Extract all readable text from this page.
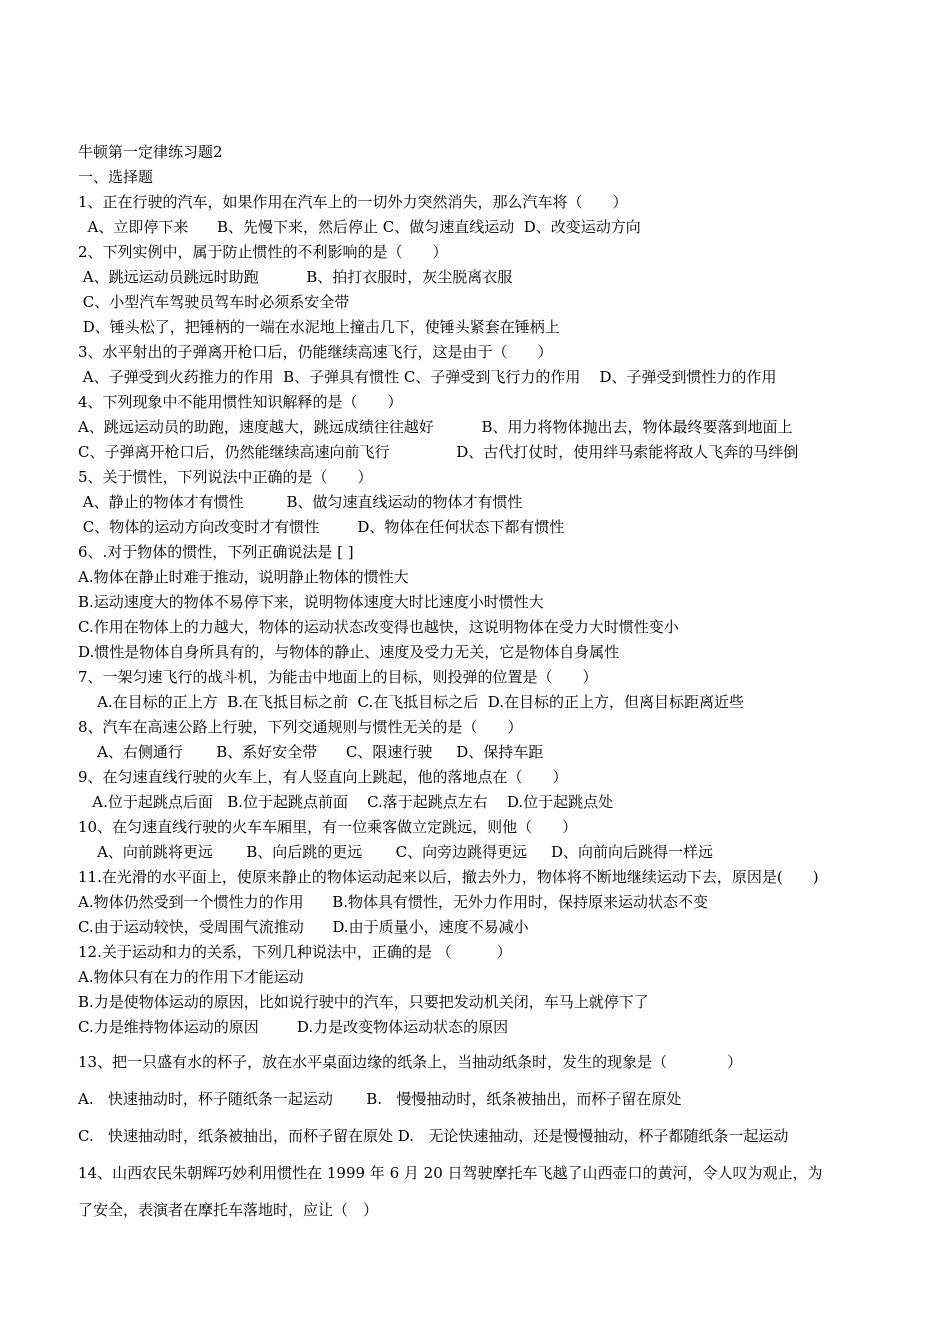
牛顿第一定律练习题2
一、选择题
1、正在行驶的汽车，如果作用在汽车上的一切外力突然消失，那么汽车将（　　）
A、立即停下来      B、先慢下来，然后停止 C、做匀速直线运动  D、改变运动方向
2、下列实例中，属于防止惯性的不利影响的是（　　）
A、跳远运动员跳远时助跑          B、拍打衣服时，灰尘脱离衣服
C、小型汽车驾驶员驾车时必须系安全带
D、锤头松了，把锤柄的一端在水泥地上撞击几下，使锤头紧套在锤柄上
3、水平射出的子弹离开枪口后，仍能继续高速飞行，这是由于（　　）
A、子弹受到火药推力的作用  B、子弹具有惯性 C、子弹受到飞行力的作用    D、子弹受到惯性力的作用
4、下列现象中不能用惯性知识解释的是（　　）
A、跳远运动员的助跑，速度越大，跳远成绩往往越好          B、用力将物体抛出去，物体最终要落到地面上
C、子弹离开枪口后，仍然能继续高速向前飞行              D、古代打仗时，使用绊马索能将敌人飞奔的马绊倒
5、关于惯性，下列说法中正确的是（　　）
A、静止的物体才有惯性         B、做匀速直线运动的物体才有惯性
C、物体的运动方向改变时才有惯性        D、物体在任何状态下都有惯性
6、.对于物体的惯性，下列正确说法是 [ ]
A.物体在静止时难于推动，说明静止物体的惯性大
B.运动速度大的物体不易停下来，说明物体速度大时比速度小时惯性大
C.作用在物体上的力越大，物体的运动状态改变得也越快，这说明物体在受力大时惯性变小
D.惯性是物体自身所具有的，与物体的静止、速度及受力无关，它是物体自身属性
7、一架匀速飞行的战斗机，为能击中地面上的目标，则投弹的位置是（　　）
A.在目标的正上方  B.在飞抵目标之前  C.在飞抵目标之后  D.在目标的正上方，但离目标距离近些
8、汽车在高速公路上行驶，下列交通规则与惯性无关的是（　　）
A、右侧通行       B、系好安全带      C、限速行驶     D、保持车距
9、在匀速直线行驶的火车上，有人竖直向上跳起，他的落地点在（　　）
A.位于起跳点后面   B.位于起跳点前面    C.落于起跳点左右    D.位于起跳点处
10、在匀速直线行驶的火车车厢里，有一位乘客做立定跳远，则他（　　）
A、向前跳将更远       B、向后跳的更远       C、向旁边跳得更远     D、向前向后跳得一样远
11.在光滑的水平面上，使原来静止的物体运动起来以后，撤去外力，物体将不断地继续运动下去，原因是(　　)
A.物体仍然受到一个惯性力的作用      B.物体具有惯性，无外力作用时，保持原来运动状态不变
C.由于运动较快，受周围气流推动      D.由于质量小，速度不易减小
12.关于运动和力的关系，下列几种说法中，正确的是 （　　　）
A.物体只有在力的作用下才能运动
B.力是使物体运动的原因，比如说行驶中的汽车，只要把发动机关闭，车马上就停下了
C.力是维持物体运动的原因        D.力是改变物体运动状态的原因
13、把一只盛有水的杯子，放在水平桌面边缘的纸条上，当抽动纸条时，发生的现象是（　　　　）
A.   快速抽动时，杯子随纸条一起运动       B.   慢慢抽动时，纸条被抽出，而杯子留在原处
C.   快速抽动时，纸条被抽出，而杯子留在原处 D.   无论快速抽动，还是慢慢抽动，杯子都随纸条一起运动
14、山西农民朱朝辉巧妙利用惯性在 1999 年 6 月 20 日驾驶摩托车飞越了山西壶口的黄河，令人叹为观止，为
了安全，表演者在摩托车落地时，应让（　）
